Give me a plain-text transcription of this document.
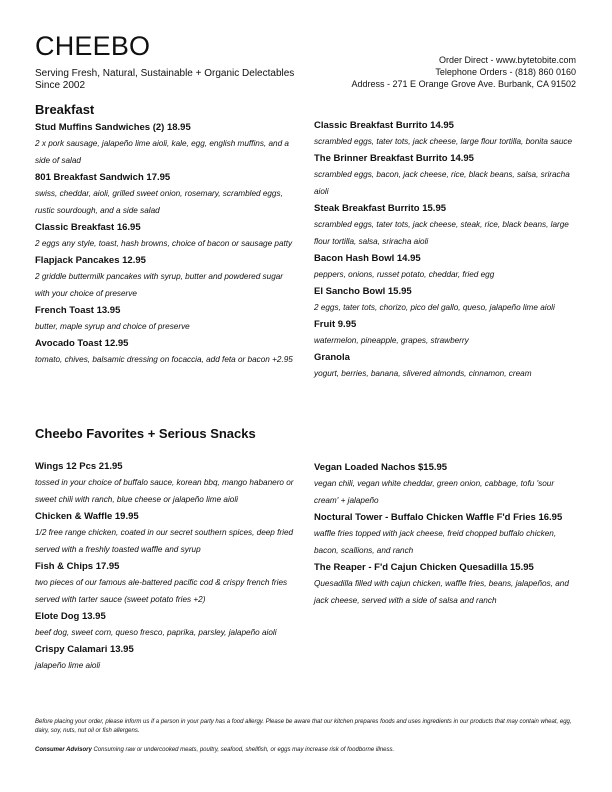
CHEEBO
Serving Fresh, Natural, Sustainable + Organic Delectables
Since 2002
Order Direct - www.bytetobite.com
Telephone Orders - (818) 860 0160
Address - 271 E Orange Grove Ave. Burbank, CA 91502
Breakfast
Stud Muffins Sandwiches (2) 18.95
2 x pork sausage, jalapeño lime aioli, kale, egg, english muffins, and a side of salad
801 Breakfast Sandwich 17.95
swiss, cheddar, aioli, grilled sweet onion, rosemary, scrambled eggs, rustic sourdough, and a side salad
Classic Breakfast 16.95
2 eggs any style, toast, hash browns, choice of bacon or sausage patty
Flapjack Pancakes 12.95
2 griddle buttermilk pancakes with syrup, butter and powdered sugar with your choice of preserve
French Toast 13.95
butter, maple syrup and choice of preserve
Avocado Toast 12.95
tomato, chives, balsamic dressing on focaccia, add feta or bacon +2.95
Classic Breakfast Burrito 14.95
scrambled eggs, tater tots, jack cheese, large flour tortilla, bonita sauce
The Brinner Breakfast Burrito 14.95
scrambled eggs, bacon, jack cheese, rice, black beans, salsa, sriracha aioli
Steak Breakfast Burrito 15.95
scrambled eggs, tater tots, jack cheese, steak, rice, black beans, large flour tortilla, salsa, sriracha aioli
Bacon Hash Bowl 14.95
peppers, onions, russet potato, cheddar, fried egg
El Sancho Bowl 15.95
2 eggs, tater tots, chorizo, pico del gallo, queso, jalapeño lime aioli
Fruit 9.95
watermelon, pineapple, grapes, strawberry
Granola
yogurt, berries, banana, slivered almonds, cinnamon, cream
Cheebo Favorites + Serious Snacks
Wings 12 Pcs 21.95
tossed in your choice of buffalo sauce, korean bbq, mango habanero or sweet chili with ranch, blue cheese or jalapeño lime aioli
Chicken & Waffle 19.95
1/2 free range chicken, coated in our secret southern spices, deep fried served with a freshly toasted waffle and syrup
Fish & Chips 17.95
two pieces of our famous ale-battered pacific cod & crispy french fries served with tarter sauce (sweet potato fries +2)
Elote Dog 13.95
beef dog, sweet corn, queso fresco, paprika, parsley, jalapeño aioli
Crispy Calamari 13.95
jalapeño lime aioli
Vegan Loaded Nachos $15.95
vegan chili, vegan white cheddar, green onion, cabbage, tofu 'sour cream' + jalapeño
Noctural Tower - Buffalo Chicken Waffle F'd Fries 16.95
waffle fries topped with jack cheese, freid chopped buffalo chicken, bacon, scallions, and ranch
The Reaper - F'd Cajun Chicken Quesadilla 15.95
Quesadilla filled with cajun chicken, waffle fries, beans, jalapeños, and jack cheese, served with a side of salsa and ranch
Before placing your order, please inform us if a person in your party has a food allergy. Please be aware that our kitchen prepares foods and uses ingredients in our products that may contain wheat, egg, dairy, soy, nuts, nut oil or fish allergens.
Consumer Advisory Consuming raw or undercooked meats, poultry, seafood, shellfish, or eggs may increase risk of foodborne illness.
